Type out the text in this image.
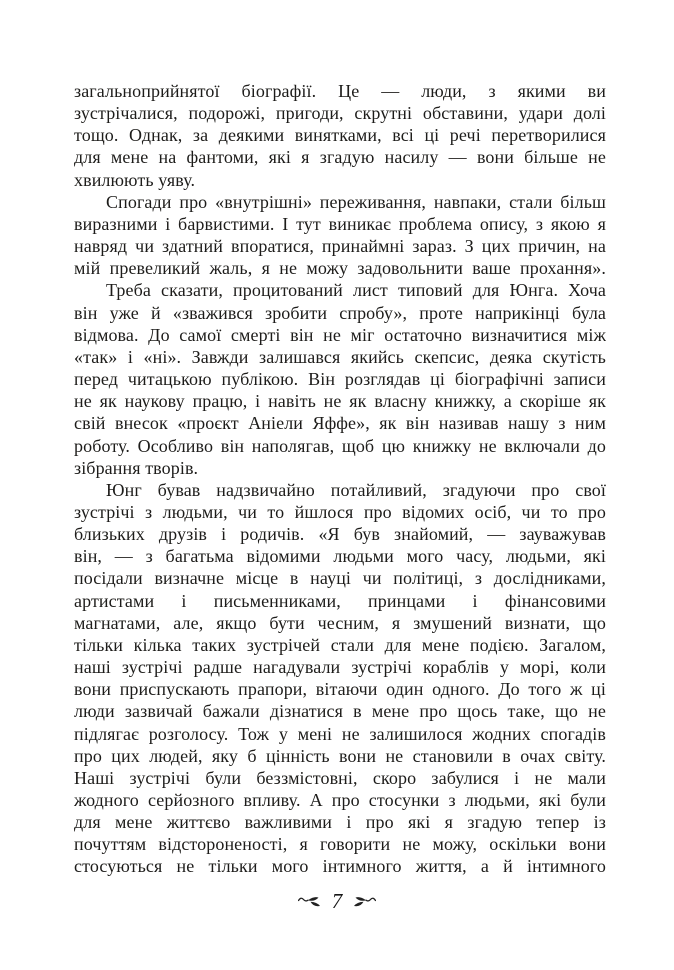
загальноприйнятої біографії. Це — люди, з якими ви
зустрічалися, подорожі, пригоди, скрутні обставини, удари долі
тощо. Однак, за деякими винятками, всі ці речі перетворилися
для мене на фантоми, які я згадую насилу — вони більше не
хвилюють уяву.
Спогади про «внутрішні» переживання, навпаки, стали більш
виразними і барвистими. І тут виникає проблема опису, з якою я
навряд чи здатний впоратися, принаймні зараз. З цих причин, на
мій превеликий жаль, я не можу задовольнити ваше прохання».
Треба сказати, процитований лист типовий для Юнга. Хоча
він уже й «зважився зробити спробу», проте наприкінці була
відмова. До самої смерті він не міг остаточно визначитися між
«так» і «ні». Завжди залишався якийсь скепсис, деяка скутість
перед читацькою публікою. Він розглядав ці біографічні записи
не як наукову працю, і навіть не як власну книжку, а скоріше як
свій внесок «проєкт Аніели Яффе», як він називав нашу з ним
роботу. Особливо він наполягав, щоб цю книжку не включали до
зібрання творів.
Юнг бував надзвичайно потайливий, згадуючи про свої
зустрічі з людьми, чи то йшлося про відомих осіб, чи то про
близьких друзів і родичів. «Я був знайомий, — зауважував
він, — з багатьма відомими людьми мого часу, людьми, які
посідали визначне місце в науці чи політиці, з дослідниками,
артистами і письменниками, принцами і фінансовими
магнатами, але, якщо бути чесним, я змушений визнати, що
тільки кілька таких зустрічей стали для мене подією. Загалом,
наші зустрічі радше нагадували зустрічі кораблів у морі, коли
вони приспускають прапори, вітаючи один одного. До того ж ці
люди зазвичай бажали дізнатися в мене про щось таке, що не
підлягає розголосу. Тож у мені не залишилося жодних спогадів
про цих людей, яку б цінність вони не становили в очах світу.
Наші зустрічі були беззмістовні, скоро забулися і не мали
жодного серйозного впливу. А про стосунки з людьми, які були
для мене життєво важливими і про які я згадую тепер із
почуттям відстороненості, я говорити не можу, оскільки вони
стосуються не тільки мого інтимного життя, а й інтимного
7
